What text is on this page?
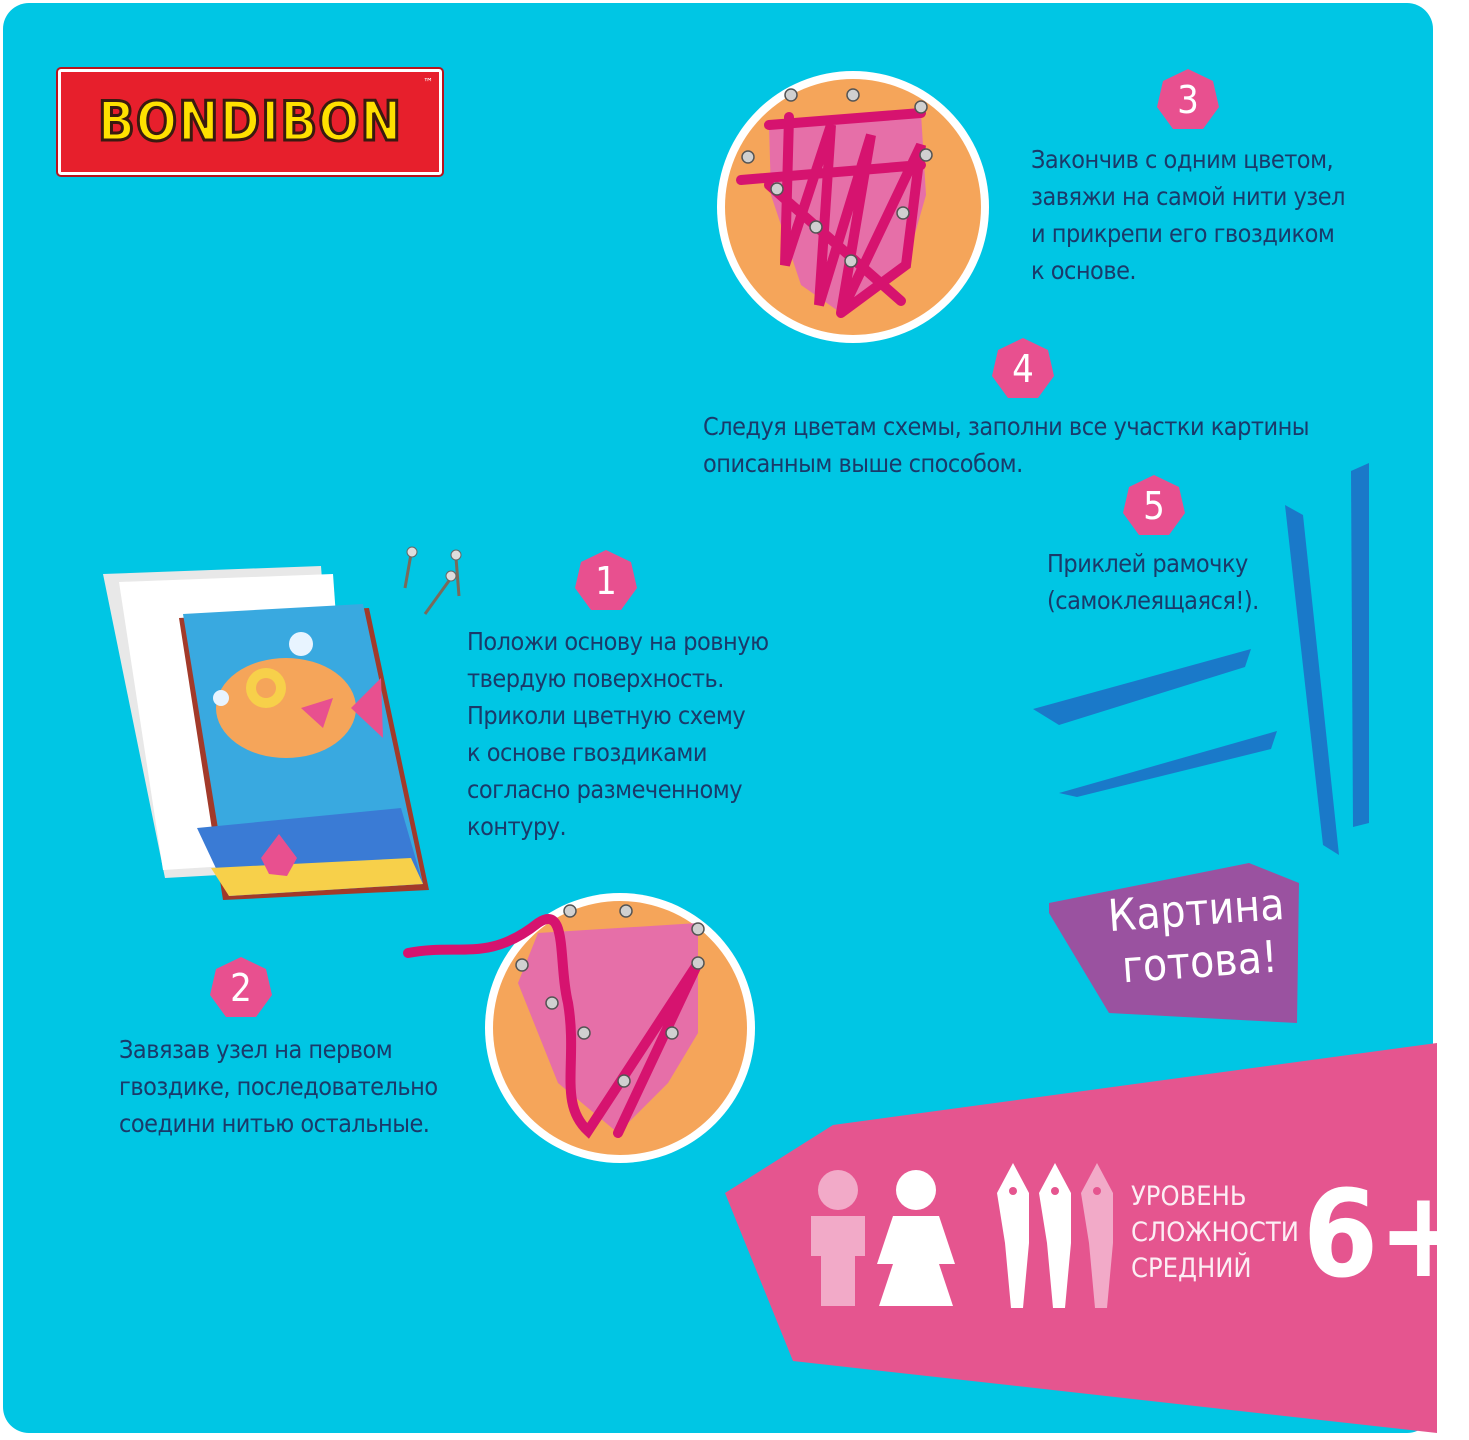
BONDIBON
™	3
Закончив с одним цветом,
завяжи на самой нити узел
и прикрепи его гвоздиком
к основе.
4
Следуя цветам схемы, заполни все участки картины
описанным выше способом.
5
Приклей рамочку
(самоклеящаяся!).
Картина
готова!
1
Положи основу на ровную
твердую поверхность.
Приколи цветную схему
к основе гвоздиками
согласно размеченному
контуру.
2
Завязав узел на первом
гвоздике, последовательно
соедини нитью остальные.
УРОВЕНЬ
СЛОЖНОСТИ
СРЕДНИЙ 6+
